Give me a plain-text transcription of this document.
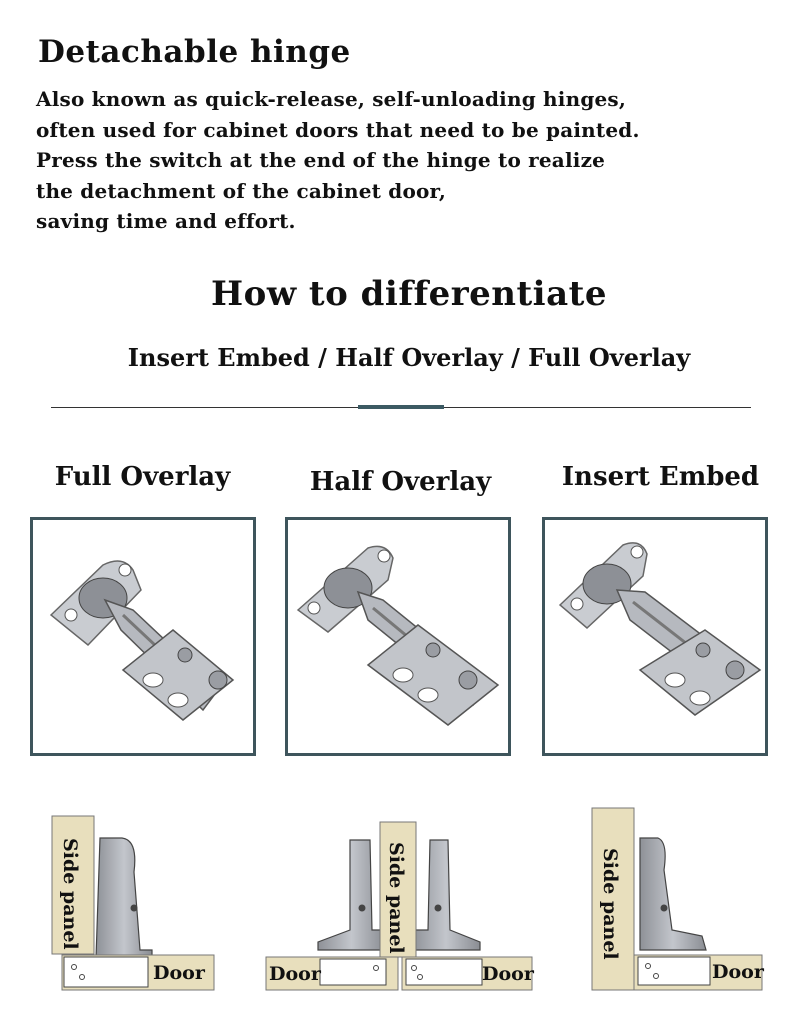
Detachable hinge
Also known as quick-release, self-unloading hinges,
often used for cabinet doors that need to be painted.
Press the switch at the end of the hinge to realize
the detachment of the cabinet door,
saving time and effort.
How to differentiate
Insert Embed / Half Overlay / Full Overlay
Full Overlay	Half Overlay	Insert Embed
Side panel
Door
Side panel
Door	Door
Side panel
Door
